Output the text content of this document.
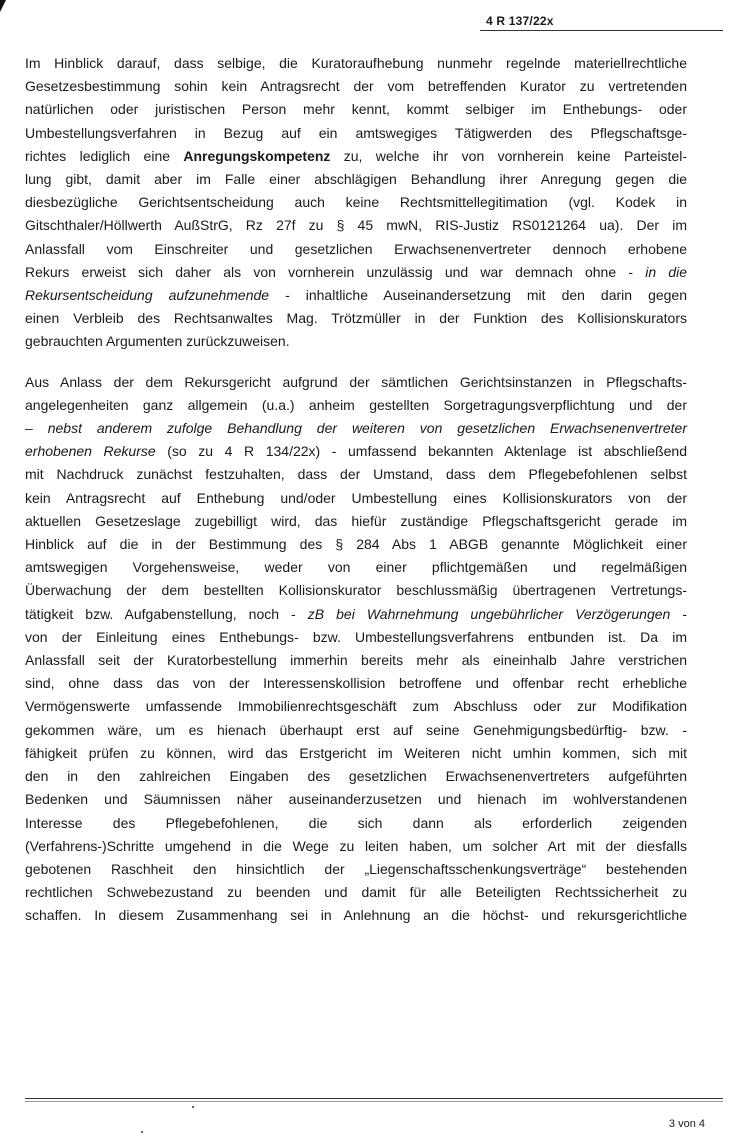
4 R 137/22x
Im Hinblick darauf, dass selbige, die Kuratoraufhebung nunmehr regelnde materiellrechtliche
Gesetzesbestimmung sohin kein Antragsrecht der vom betreffenden Kurator zu vertretenden
natürlichen oder juristischen Person mehr kennt, kommt selbiger im Enthebungs- oder
Umbestellungsverfahren in Bezug auf ein amtswegiges Tätigwerden des Pflegschaftsge-
richtes lediglich eine Anregungskompetenz zu, welche ihr von vornherein keine Parteistel-
lung gibt, damit aber im Falle einer abschlägigen Behandlung ihrer Anregung gegen die
diesbezügliche Gerichtsentscheidung auch keine Rechtsmittellegitimation (vgl. Kodek in
Gitschthaler/Höllwerth AußStrG, Rz 27f zu § 45 mwN, RIS-Justiz RS0121264 ua). Der im
Anlassfall vom Einschreiter und gesetzlichen Erwachsenenvertreter dennoch erhobene
Rekurs erweist sich daher als von vornherein unzulässig und war demnach ohne - in die
Rekursentscheidung aufzunehmende - inhaltliche Auseinandersetzung mit den darin gegen
einen Verbleib des Rechtsanwaltes Mag. Trötzmüller in der Funktion des Kollisionskurators
gebrauchten Argumenten zurückzuweisen.
Aus Anlass der dem Rekursgericht aufgrund der sämtlichen Gerichtsinstanzen in Pflegschafts-
angelegenheiten ganz allgemein (u.a.) anheim gestellten Sorgetragungsverpflichtung und der
– nebst anderem zufolge Behandlung der weiteren von gesetzlichen Erwachsenenvertreter
erhobenen Rekurse (so zu 4 R 134/22x) - umfassend bekannten Aktenlage ist abschließend
mit Nachdruck zunächst festzuhalten, dass der Umstand, dass dem Pflegebefohlenen selbst
kein Antragsrecht auf Enthebung und/oder Umbestellung eines Kollisionskurators von der
aktuellen Gesetzeslage zugebilligt wird, das hiefür zuständige Pflegschaftsgericht gerade im
Hinblick auf die in der Bestimmung des § 284 Abs 1 ABGB genannte Möglichkeit einer
amtswegigen Vorgehensweise, weder von einer pflichtgemäßen und regelmäßigen
Überwachung der dem bestellten Kollisionskurator beschlussmäßig übertragenen Vertretungs-
tätigkeit bzw. Aufgabenstellung, noch - zB bei Wahrnehmung ungebührlicher Verzögerungen -
von der Einleitung eines Enthebungs- bzw. Umbestellungsverfahrens entbunden ist. Da im
Anlassfall seit der Kuratorbestellung immerhin bereits mehr als eineinhalb Jahre verstrichen
sind, ohne dass das von der Interessenskollision betroffene und offenbar recht erhebliche
Vermögenswerte umfassende Immobilienrechtsgeschäft zum Abschluss oder zur Modifikation
gekommen wäre, um es hienach überhaupt erst auf seine Genehmigungsbedürftig- bzw. -
fähigkeit prüfen zu können, wird das Erstgericht im Weiteren nicht umhin kommen, sich mit
den in den zahlreichen Eingaben des gesetzlichen Erwachsenenvertreters aufgeführten
Bedenken und Säumnissen näher auseinanderzusetzen und hienach im wohlverstandenen
Interesse des Pflegebefohlenen, die sich dann als erforderlich zeigenden
(Verfahrens-)Schritte umgehend in die Wege zu leiten haben, um solcher Art mit der diesfalls
gebotenen Raschheit den hinsichtlich der „Liegenschaftsschenkungsverträge“ bestehenden
rechtlichen Schwebezustand zu beenden und damit für alle Beteiligten Rechtssicherheit zu
schaffen. In diesem Zusammenhang sei in Anlehnung an die höchst- und rekursgerichtliche
3 von 4
